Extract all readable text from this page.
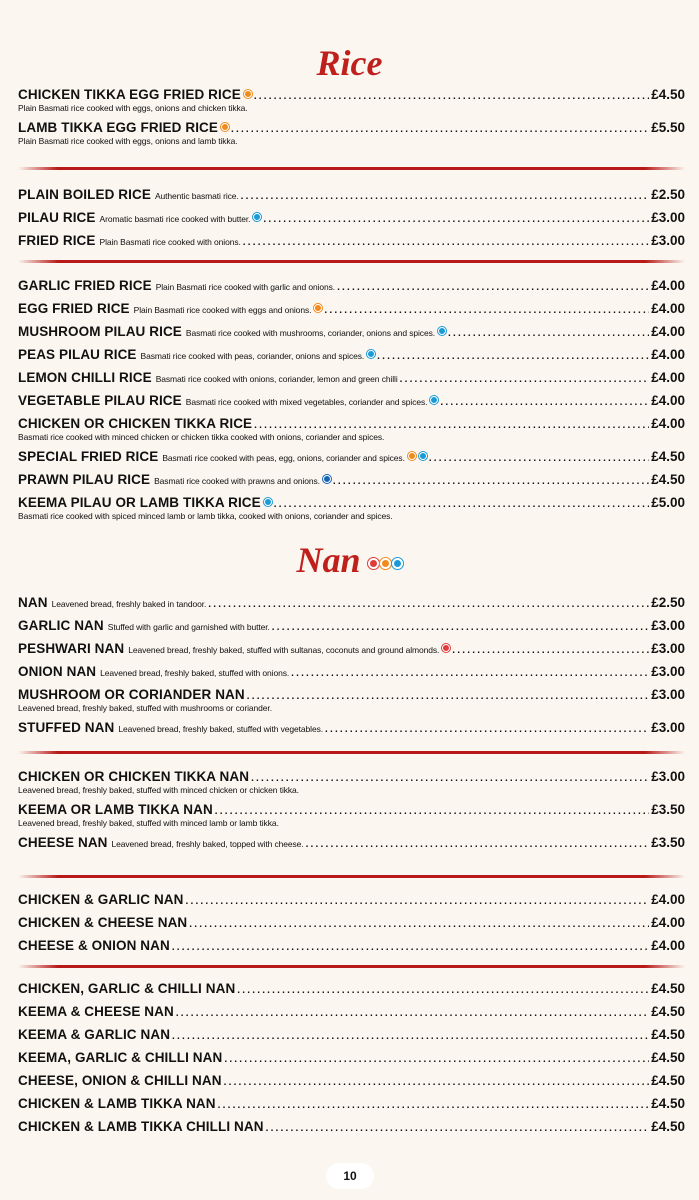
Rice
CHICKEN TIKKA EGG FRIED RICE .....	£4.50
Plain Basmati rice cooked with eggs, onions and chicken tikka.
LAMB TIKKA EGG FRIED RICE .....	£5.50
Plain Basmati rice cooked with eggs, onions and lamb tikka.
PLAIN BOILED RICE Authentic basmati rice. .....	£2.50
PILAU RICE Aromatic basmati rice cooked with butter. .....	£3.00
FRIED RICE Plain Basmati rice cooked with onions. .....	£3.00
GARLIC FRIED RICE Plain Basmati rice cooked with garlic and onions. .....	£4.00
EGG FRIED RICE Plain Basmati rice cooked with eggs and onions. .....	£4.00
MUSHROOM PILAU RICE Basmati rice cooked with mushrooms, coriander, onions and spices. .....	£4.00
PEAS PILAU RICE Basmati rice cooked with peas, coriander, onions and spices. .....	£4.00
LEMON CHILLI RICE Basmati rice cooked with onions, coriander, lemon and green chilli .....	£4.00
VEGETABLE PILAU RICE Basmati rice cooked with mixed vegetables, coriander and spices. .....	£4.00
CHICKEN OR CHICKEN TIKKA RICE .....	£4.00
Basmati rice cooked with minced chicken or chicken tikka cooked with onions, coriander and spices.
SPECIAL FRIED RICE Basmati rice cooked with peas, egg, onions, coriander and spices. .....	£4.50
PRAWN PILAU RICE Basmati rice cooked with prawns and onions. .....	£4.50
KEEMA PILAU OR LAMB TIKKA RICE .....	£5.00
Basmati rice cooked with spiced minced lamb or lamb tikka, cooked with onions, coriander and spices.
Nan
NAN Leavened bread, freshly baked in tandoor. .....	£2.50
GARLIC NAN Stuffed with garlic and garnished with butter. .....	£3.00
PESHWARI NAN Leavened bread, freshly baked, stuffed with sultanas, coconuts and ground almonds. .....	£3.00
ONION NAN Leavened bread, freshly baked, stuffed with onions. .....	£3.00
MUSHROOM OR CORIANDER NAN .....	£3.00
Leavened bread, freshly baked, stuffed with mushrooms or coriander.
STUFFED NAN Leavened bread, freshly baked, stuffed with vegetables. .....	£3.00
CHICKEN OR CHICKEN TIKKA NAN .....	£3.00
Leavened bread, freshly baked, stuffed with minced chicken or chicken tikka.
KEEMA OR LAMB TIKKA NAN .....	£3.50
Leavened bread, freshly baked, stuffed with minced lamb or lamb tikka.
CHEESE NAN Leavened bread, freshly baked, topped with cheese. .....	£3.50
CHICKEN & GARLIC NAN .....	£4.00
CHICKEN & CHEESE NAN .....	£4.00
CHEESE & ONION NAN .....	£4.00
CHICKEN, GARLIC & CHILLI NAN .....	£4.50
KEEMA & CHEESE NAN .....	£4.50
KEEMA & GARLIC NAN .....	£4.50
KEEMA, GARLIC & CHILLI NAN .....	£4.50
CHEESE, ONION & CHILLI NAN .....	£4.50
CHICKEN & LAMB TIKKA NAN .....	£4.50
CHICKEN & LAMB TIKKA CHILLI NAN .....	£4.50
10
